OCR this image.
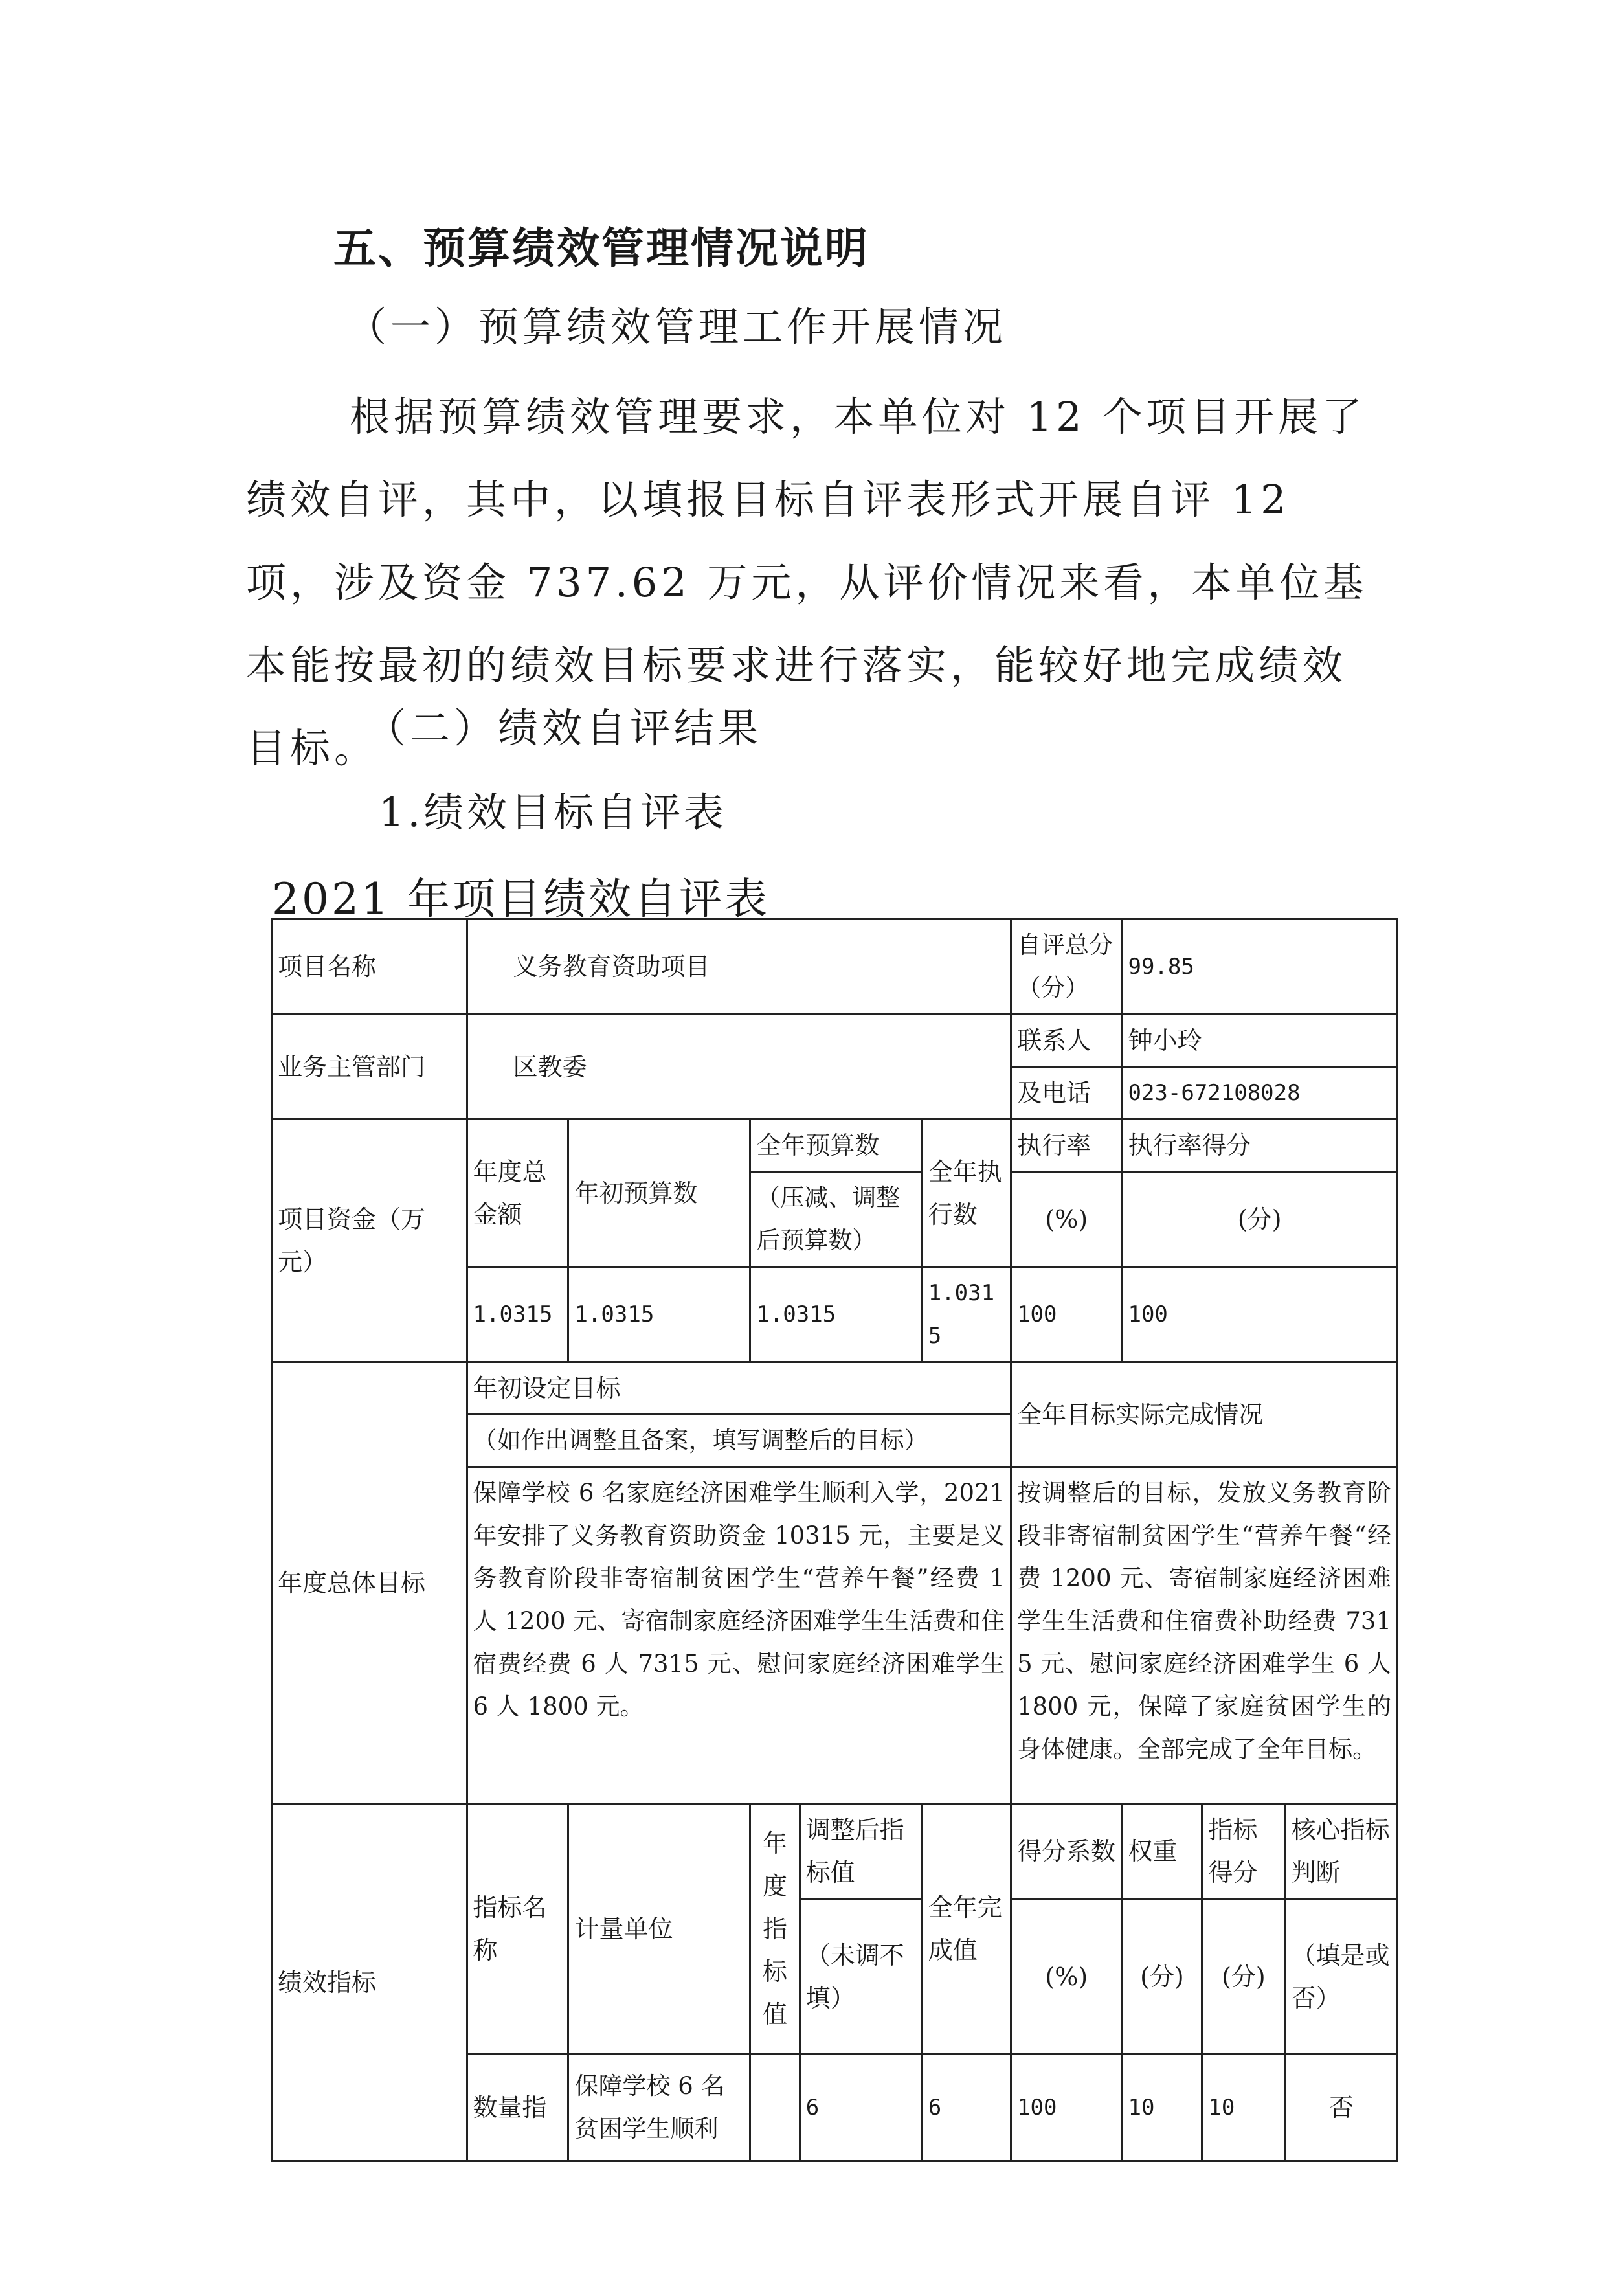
五、预算绩效管理情况说明
（一）预算绩效管理工作开展情况
根据预算绩效管理要求，本单位对 12 个项目开展了绩效自评，其中，以填报目标自评表形式开展自评 12 项，涉及资金 737.62 万元，从评价情况来看，本单位基本能按最初的绩效目标要求进行落实，能较好地完成绩效目标。
（二）绩效自评结果
1.绩效目标自评表
2021 年项目绩效自评表
项目名称	义务教育资助项目					自评总分（分）	99.85		
业务主管部门	区教委					联系人	钟小玲		
						及电话	023-672108028		
项目资金（万元）	年度总金额	年初预算数	全年预算数		全年执行数	执行率	执行率得分		
			（压减、调整后预算数）			(%)	(分)		
	1.0315	1.0315	1.0315		1.0315	100	100		
年度总体目标	年初设定目标					全年目标实际完成情况			
	（如作出调整且备案，填写调整后的目标）								
	保障学校 6 名家庭经济困难学生顺利入学，2021 年安排了义务教育资助资金 10315 元，主要是义务教育阶段非寄宿制贫困学生“营养午餐”经费 1 人 1200 元、寄宿制家庭经济困难学生生活费和住宿费经费 6 人 7315 元、慰问家庭经济困难学生 6 人 1800 元。					按调整后的目标，发放义务教育阶段非寄宿制贫困学生“营养午餐“经费 1200 元、寄宿制家庭经济困难学生生活费和住宿费补助经费 7315 元、慰问家庭经济困难学生 6 人 1800 元，保障了家庭贫困学生的身体健康。全部完成了全年目标。			
绩效指标	指标名称	计量单位	年度指标值	调整后指标值	全年完成值	得分系数	权重	指标得分	核心指标判断
				（未调不填）		(%)	(分)	(分)	（填是或否）
	数量指	保障学校 6 名贫困学生顺利		6	6	100	10	10	否
